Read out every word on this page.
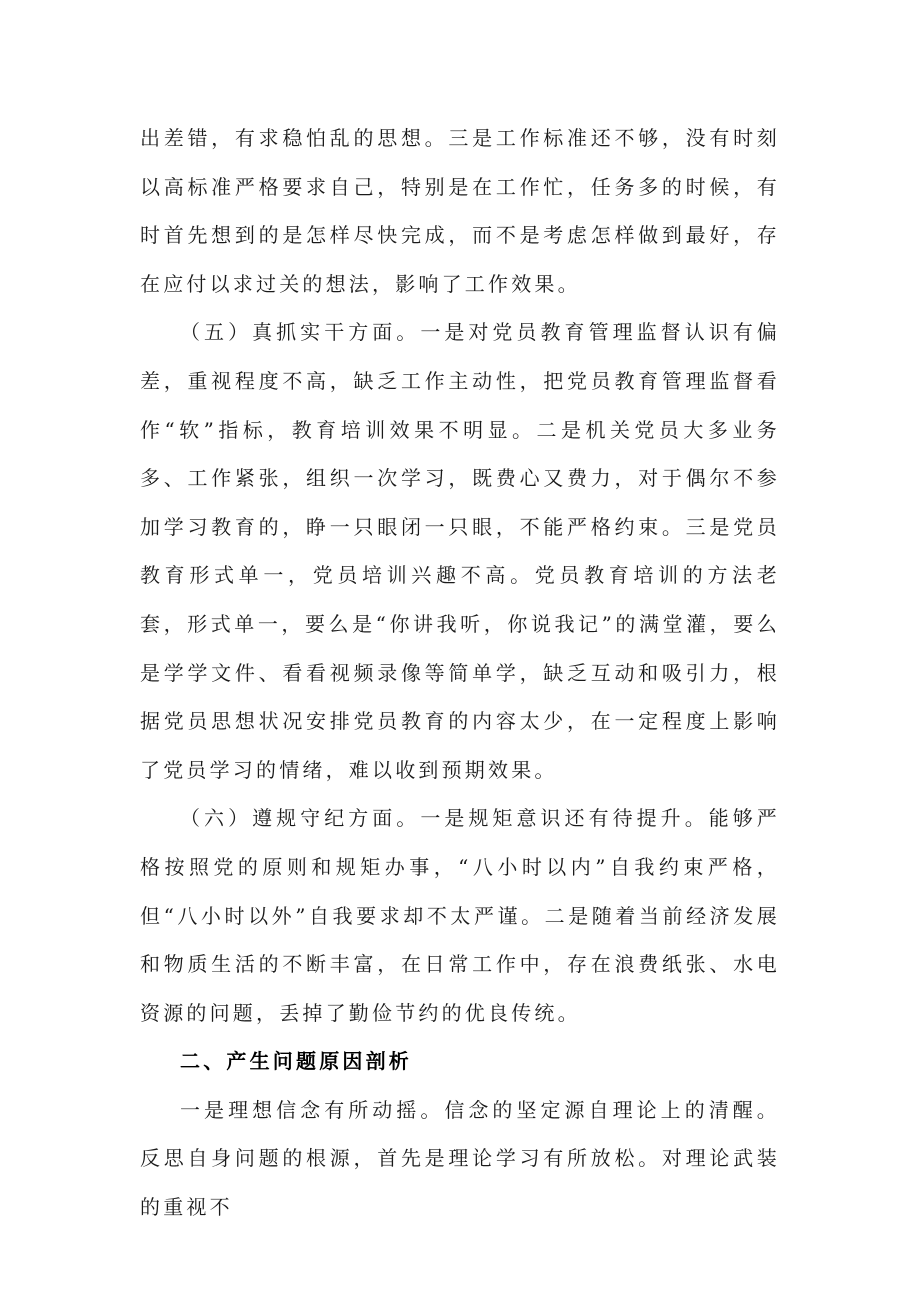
出差错，有求稳怕乱的思想。三是工作标准还不够，没有时刻以高标准严格要求自己，特别是在工作忙，任务多的时候，有时首先想到的是怎样尽快完成，而不是考虑怎样做到最好，存在应付以求过关的想法，影响了工作效果。

（五）真抓实干方面。一是对党员教育管理监督认识有偏差，重视程度不高，缺乏工作主动性，把党员教育管理监督看作“软”指标，教育培训效果不明显。二是机关党员大多业务多、工作紧张，组织一次学习，既费心又费力，对于偶尔不参加学习教育的，睁一只眼闭一只眼，不能严格约束。三是党员教育形式单一，党员培训兴趣不高。党员教育培训的方法老套，形式单一，要么是“你讲我听，你说我记”的满堂灌，要么是学学文件、看看视频录像等简单学，缺乏互动和吸引力，根据党员思想状况安排党员教育的内容太少，在一定程度上影响了党员学习的情绪，难以收到预期效果。

（六）遵规守纪方面。一是规矩意识还有待提升。能够严格按照党的原则和规矩办事，“八小时以内”自我约束严格，但“八小时以外”自我要求却不太严谨。二是随着当前经济发展和物质生活的不断丰富，在日常工作中，存在浪费纸张、水电资源的问题，丢掉了勤俭节约的优良传统。

二、产生问题原因剖析

一是理想信念有所动摇。信念的坚定源自理论上的清醒。反思自身问题的根源，首先是理论学习有所放松。对理论武装的重视不
